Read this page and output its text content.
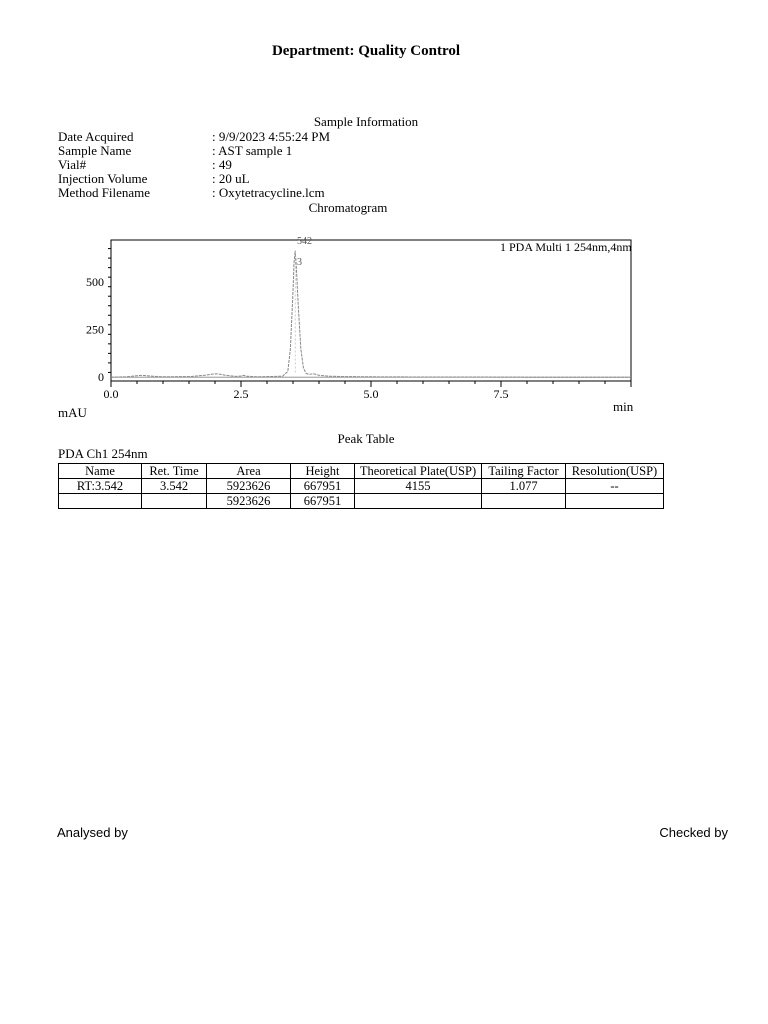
Department: Quality Control
Sample Information
Date Acquired	: 9/9/2023 4:55:24 PM
Sample Name	: AST sample 1
Vial#	: 49
Injection Volume	: 20 uL
Method Filename	: Oxytetracycline.lcm
Chromatogram
0.0	2.5	5.0	7.5
0
250
500
1 PDA Multi 1 254nm,4nm
542
3
mAU	min
Peak Table
PDA Ch1 254nm
Name	Ret. Time	Area	Height	Theoretical Plate(USP)	Tailing Factor	Resolution(USP)
RT:3.542	3.542	5923626	667951	4155	1.077	--
		5923626	667951			
Analysed by	Checked by
